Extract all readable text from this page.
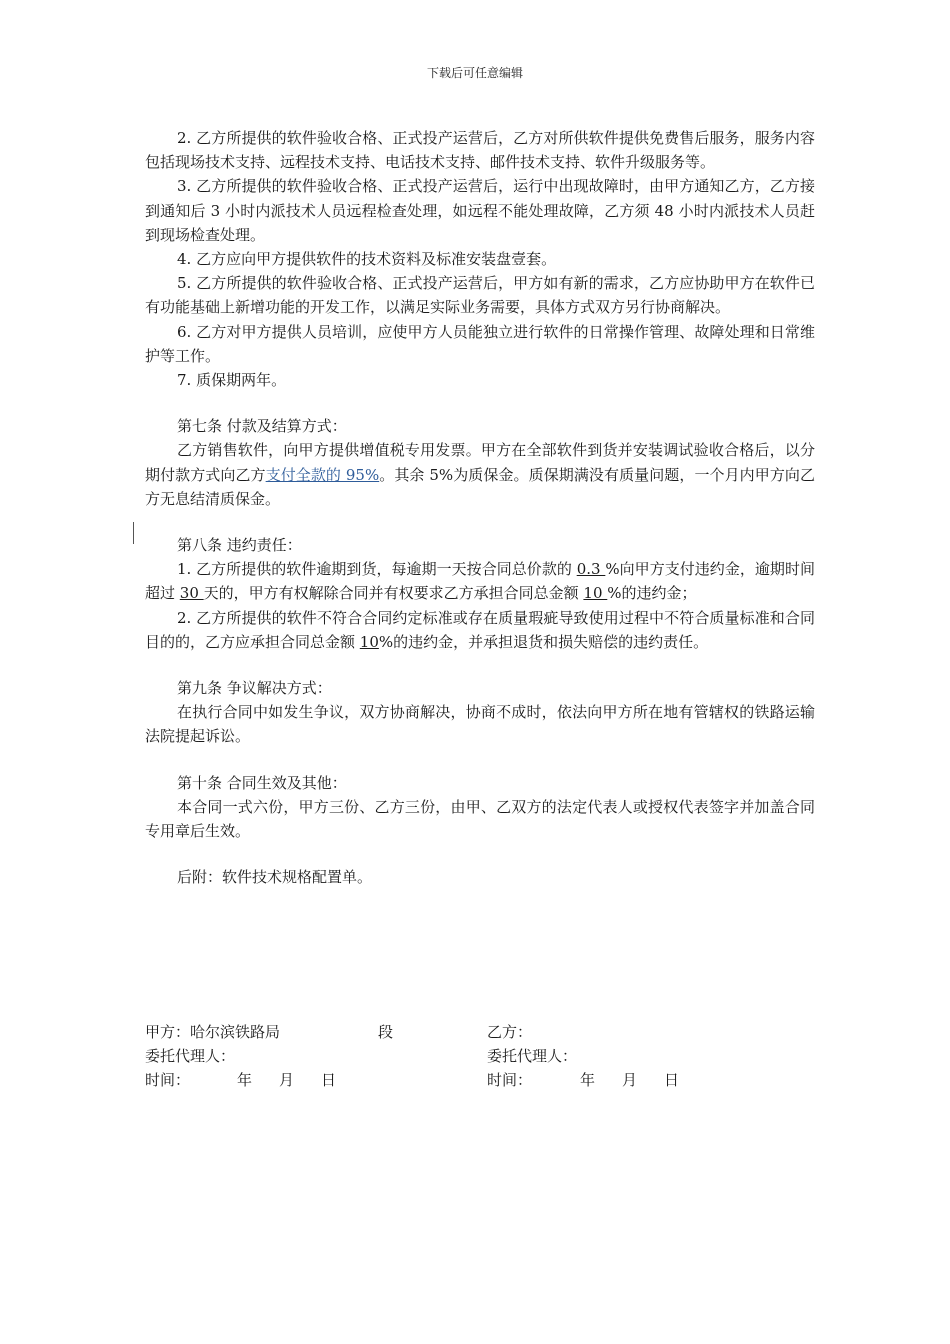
下载后可任意编辑

2. 乙方所提供的软件验收合格、正式投产运营后，乙方对所供软件提供免费售后服务，服务内容包括现场技术支持、远程技术支持、电话技术支持、邮件技术支持、软件升级服务等。

3. 乙方所提供的软件验收合格、正式投产运营后，运行中出现故障时，由甲方通知乙方，乙方接到通知后 3 小时内派技术人员远程检查处理，如远程不能处理故障，乙方须 48 小时内派技术人员赶到现场检查处理。

4. 乙方应向甲方提供软件的技术资料及标准安装盘壹套。

5. 乙方所提供的软件验收合格、正式投产运营后，甲方如有新的需求，乙方应协助甲方在软件已有功能基础上新增功能的开发工作，以满足实际业务需要，具体方式双方另行协商解决。

6. 乙方对甲方提供人员培训，应使甲方人员能独立进行软件的日常操作管理、故障处理和日常维护等工作。

7. 质保期两年。

第七条 付款及结算方式：

乙方销售软件，向甲方提供增值税专用发票。甲方在全部软件到货并安装调试验收合格后，以分期付款方式向乙方支付全款的 95%。其余 5%为质保金。质保期满没有质量问题，一个月内甲方向乙方无息结清质保金。

第八条 违约责任：

1. 乙方所提供的软件逾期到货，每逾期一天按合同总价款的 0.3 %向甲方支付违约金，逾期时间超过 30 天的，甲方有权解除合同并有权要求乙方承担合同总金额 10 %的违约金；

2. 乙方所提供的软件不符合合同约定标准或存在质量瑕疵导致使用过程中不符合质量标准和合同目的的，乙方应承担合同总金额 10%的违约金，并承担退货和损失赔偿的违约责任。

第九条 争议解决方式：

在执行合同中如发生争议，双方协商解决，协商不成时，依法向甲方所在地有管辖权的铁路运输法院提起诉讼。

第十条 合同生效及其他：

本合同一式六份，甲方三份、乙方三份，由甲、乙双方的法定代表人或授权代表签字并加盖合同专用章后生效。

后附：软件技术规格配置单。

甲方：哈尔滨铁路局	段	乙方：
委托代理人：	委托代理人：
时间：	年 月 日	时间：	年 月 日
